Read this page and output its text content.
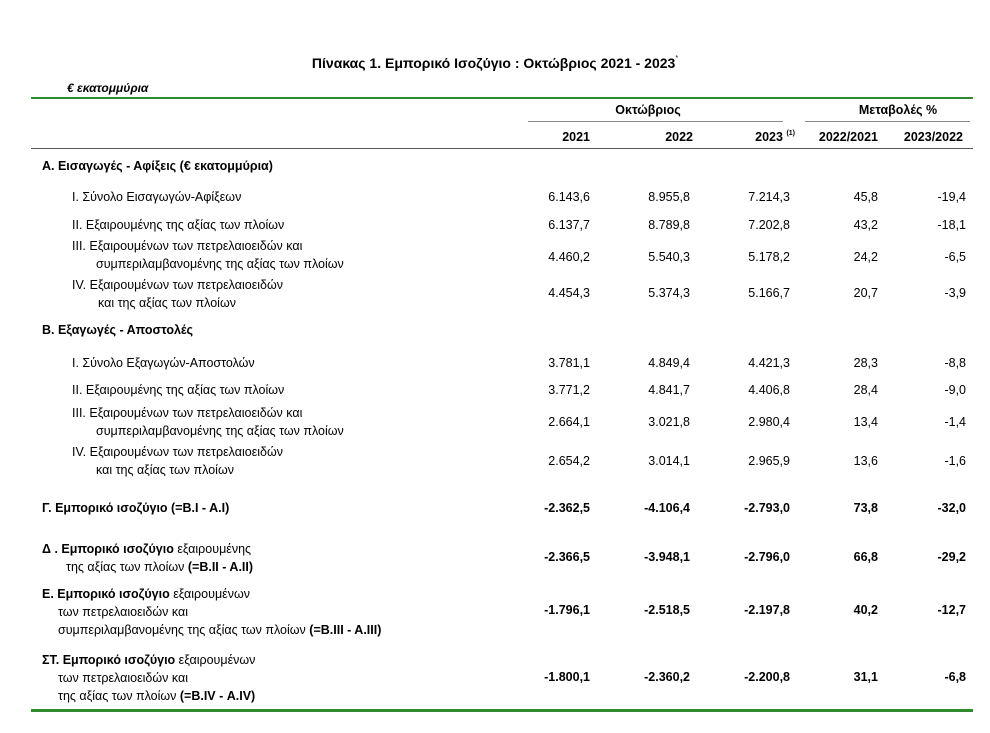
Πίνακας 1. Εμπορικό Ισοζύγιο : Οκτώβριος 2021 - 2023*
€ εκατομμύρια
Οκτώβριος	Μεταβολές %
2021	2022	2023 $^{(1)}$	2022/2021	2023/2022
Α. Εισαγωγές - Αφίξεις (€ εκατομμύρια)
Ι. Σύνολο Εισαγωγών-Αφίξεων	6.143,6	8.955,8	7.214,3	45,8	-19,4
ΙΙ. Εξαιρουμένης της αξίας των πλοίων	6.137,7	8.789,8	7.202,8	43,2	-18,1
ΙΙΙ. Εξαιρουμένων των πετρελαιοειδών και
συμπεριλαμβανομένης της αξίας των πλοίων	4.460,2	5.540,3	5.178,2	24,2	-6,5
ΙV. Εξαιρουμένων των πετρελαιοειδών
και της αξίας των πλοίων
4.454,3	5.374,3	5.166,7	20,7	-3,9
Β. Εξαγωγές - Αποστολές
Ι. Σύνολο Εξαγωγών-Αποστολών	3.781,1	4.849,4	4.421,3	28,3	-8,8
ΙΙ. Εξαιρουμένης της αξίας των πλοίων	3.771,2	4.841,7	4.406,8	28,4	-9,0
ΙΙΙ. Εξαιρουμένων των πετρελαιοειδών και
συμπεριλαμβανομένης της αξίας των πλοίων
2.664,1	3.021,8	2.980,4	13,4	-1,4
ΙV. Εξαιρουμένων των πετρελαιοειδών
και της αξίας των πλοίων
2.654,2	3.014,1	2.965,9	13,6	-1,6
Γ. Εμπορικό ισοζύγιο (=Β.Ι - Α.Ι)	-2.362,5	-4.106,4	-2.793,0	73,8	-32,0
Δ . Εμπορικό ισοζύγιο εξαιρουμένης
της αξίας των πλοίων (=Β.ΙΙ - Α.ΙΙ)
-2.366,5	-3.948,1	-2.796,0	66,8	-29,2
Ε. Εμπορικό ισοζύγιο εξαιρουμένων
των πετρελαιοειδών και
συμπεριλαμβανομένης της αξίας των πλοίων (=Β.ΙΙΙ - Α.ΙΙΙ)
-1.796,1	-2.518,5	-2.197,8	40,2	-12,7
ΣΤ. Εμπορικό ισοζύγιο εξαιρουμένων
των πετρελαιοειδών και
της αξίας των πλοίων (=Β.ΙV - Α.ΙV)
-1.800,1	-2.360,2	-2.200,8	31,1	-6,8
